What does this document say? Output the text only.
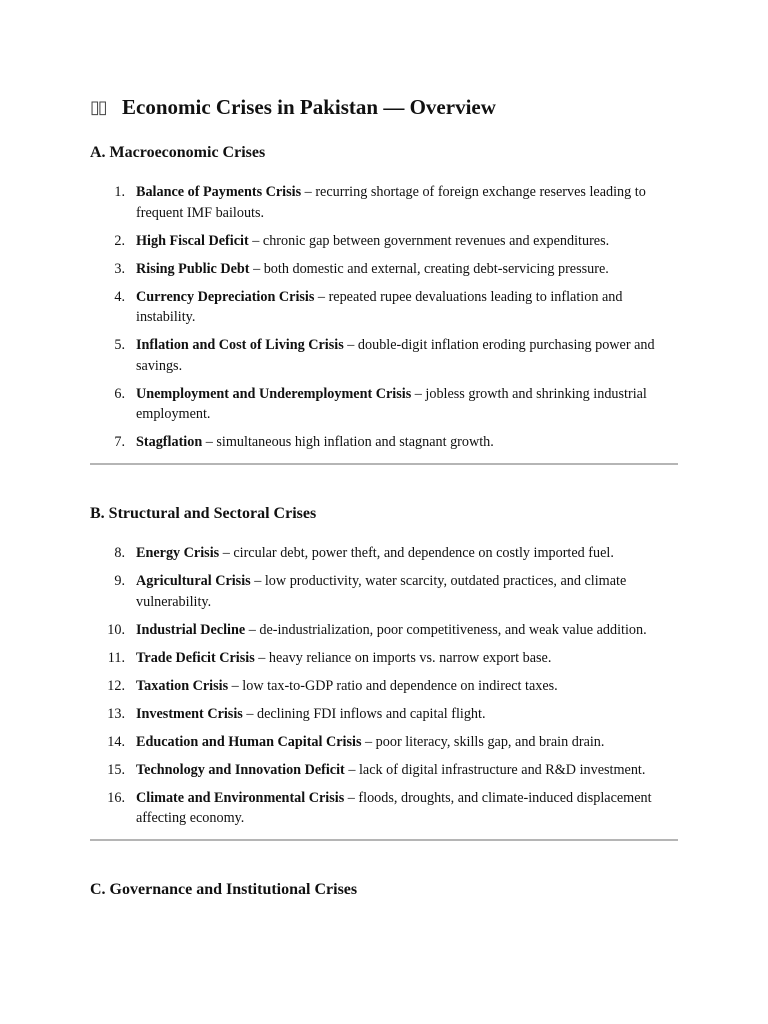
▯▯ Economic Crises in Pakistan — Overview
A. Macroeconomic Crises
1. Balance of Payments Crisis – recurring shortage of foreign exchange reserves leading to frequent IMF bailouts.
2. High Fiscal Deficit – chronic gap between government revenues and expenditures.
3. Rising Public Debt – both domestic and external, creating debt-servicing pressure.
4. Currency Depreciation Crisis – repeated rupee devaluations leading to inflation and instability.
5. Inflation and Cost of Living Crisis – double-digit inflation eroding purchasing power and savings.
6. Unemployment and Underemployment Crisis – jobless growth and shrinking industrial employment.
7. Stagflation – simultaneous high inflation and stagnant growth.
B. Structural and Sectoral Crises
8. Energy Crisis – circular debt, power theft, and dependence on costly imported fuel.
9. Agricultural Crisis – low productivity, water scarcity, outdated practices, and climate vulnerability.
10. Industrial Decline – de-industrialization, poor competitiveness, and weak value addition.
11. Trade Deficit Crisis – heavy reliance on imports vs. narrow export base.
12. Taxation Crisis – low tax-to-GDP ratio and dependence on indirect taxes.
13. Investment Crisis – declining FDI inflows and capital flight.
14. Education and Human Capital Crisis – poor literacy, skills gap, and brain drain.
15. Technology and Innovation Deficit – lack of digital infrastructure and R&D investment.
16. Climate and Environmental Crisis – floods, droughts, and climate-induced displacement affecting economy.
C. Governance and Institutional Crises
